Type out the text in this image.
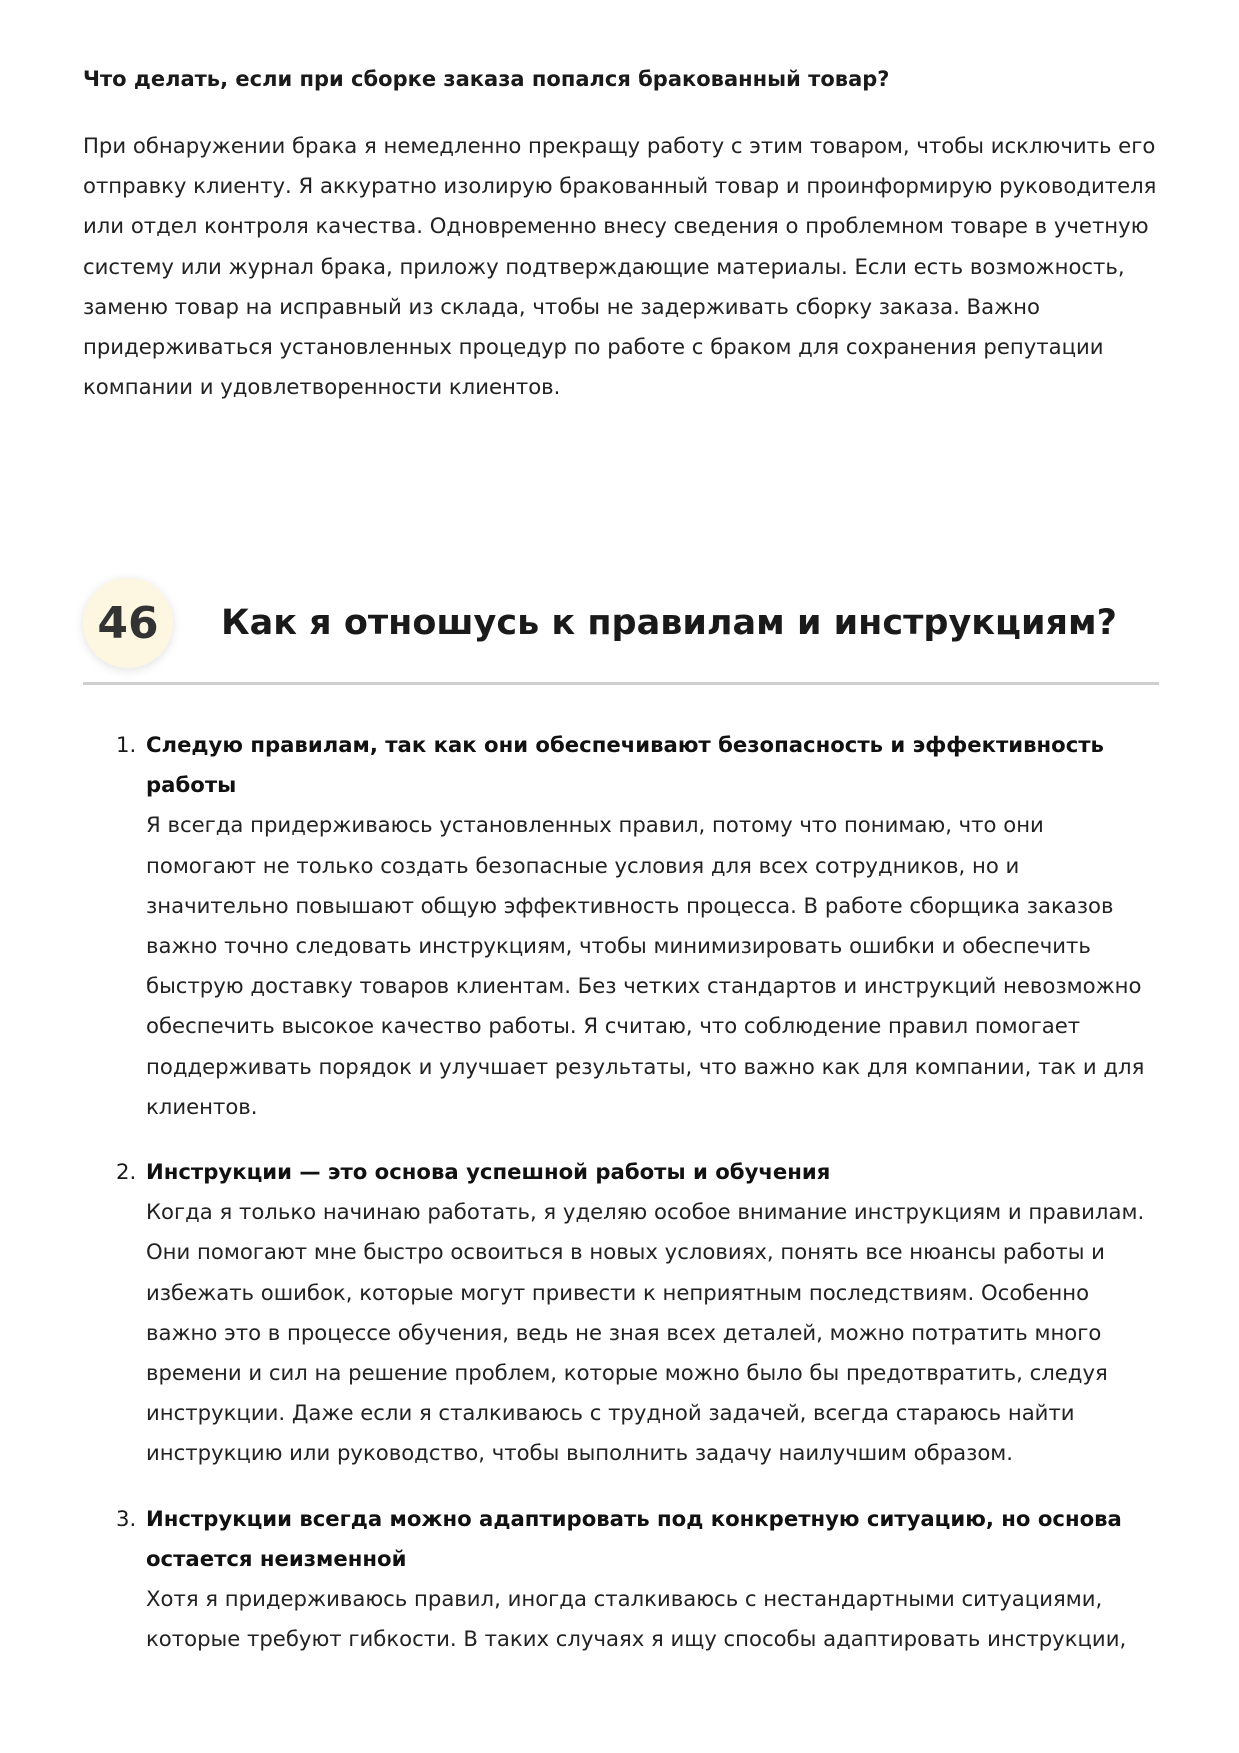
Что делать, если при сборке заказа попался бракованный товар?

При обнаружении брака я немедленно прекращу работу с этим товаром, чтобы исключить его отправку клиенту. Я аккуратно изолирую бракованный товар и проинформирую руководителя или отдел контроля качества. Одновременно внесу сведения о проблемном товаре в учетную систему или журнал брака, приложу подтверждающие материалы. Если есть возможность, заменю товар на исправный из склада, чтобы не задерживать сборку заказа. Важно придерживаться установленных процедур по работе с браком для сохранения репутации компании и удовлетворенности клиентов.

46	Как я отношусь к правилам и инструкциям?
1. Следую правилам, так как они обеспечивают безопасность и эффективность работы

Я всегда придерживаюсь установленных правил, потому что понимаю, что они помогают не только создать безопасные условия для всех сотрудников, но и значительно повышают общую эффективность процесса. В работе сборщика заказов важно точно следовать инструкциям, чтобы минимизировать ошибки и обеспечить быструю доставку товаров клиентам. Без четких стандартов и инструкций невозможно обеспечить высокое качество работы. Я считаю, что соблюдение правил помогает поддерживать порядок и улучшает результаты, что важно как для компании, так и для клиентов.

2. Инструкции — это основа успешной работы и обучения

Когда я только начинаю работать, я уделяю особое внимание инструкциям и правилам. Они помогают мне быстро освоиться в новых условиях, понять все нюансы работы и избежать ошибок, которые могут привести к неприятным последствиям. Особенно важно это в процессе обучения, ведь не зная всех деталей, можно потратить много времени и сил на решение проблем, которые можно было бы предотвратить, следуя инструкции. Даже если я сталкиваюсь с трудной задачей, всегда стараюсь найти инструкцию или руководство, чтобы выполнить задачу наилучшим образом.

3. Инструкции всегда можно адаптировать под конкретную ситуацию, но основа остается неизменной

Хотя я придерживаюсь правил, иногда сталкиваюсь с нестандартными ситуациями, которые требуют гибкости. В таких случаях я ищу способы адаптировать инструкции,
